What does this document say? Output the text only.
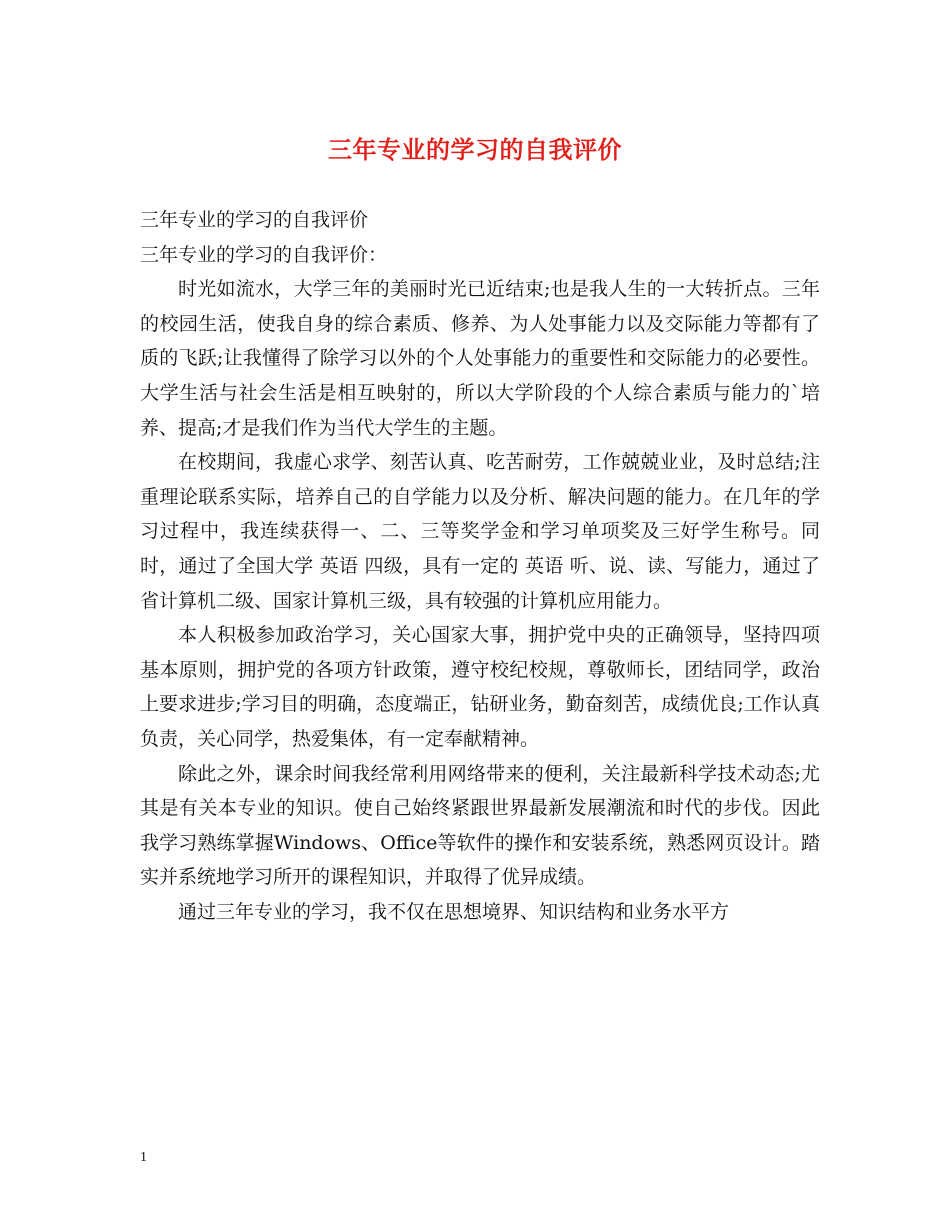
三年专业的学习的自我评价

三年专业的学习的自我评价

三年专业的学习的自我评价：

时光如流水，大学三年的美丽时光已近结束;也是我人生的一大转折点。三年的校园生活，使我自身的综合素质、修养、为人处事能力以及交际能力等都有了质的飞跃;让我懂得了除学习以外的个人处事能力的重要性和交际能力的必要性。大学生活与社会生活是相互映射的，所以大学阶段的个人综合素质与能力的`培养、提高;才是我们作为当代大学生的主题。

在校期间，我虚心求学、刻苦认真、吃苦耐劳，工作兢兢业业，及时总结;注重理论联系实际，培养自己的自学能力以及分析、解决问题的能力。在几年的学习过程中，我连续获得一、二、三等奖学金和学习单项奖及三好学生称号。同时，通过了全国大学 英语 四级，具有一定的 英语 听、说、读、写能力，通过了省计算机二级、国家计算机三级，具有较强的计算机应用能力。

本人积极参加政治学习，关心国家大事，拥护党中央的正确领导，坚持四项基本原则，拥护党的各项方针政策，遵守校纪校规，尊敬师长，团结同学，政治上要求进步;学习目的明确，态度端正，钻研业务，勤奋刻苦，成绩优良;工作认真负责，关心同学，热爱集体，有一定奉献精神。

除此之外，课余时间我经常利用网络带来的便利，关注最新科学技术动态;尤其是有关本专业的知识。使自己始终紧跟世界最新发展潮流和时代的步伐。因此我学习熟练掌握Windows、Office等软件的操作和安装系统，熟悉网页设计。踏实并系统地学习所开的课程知识，并取得了优异成绩。

通过三年专业的学习，我不仅在思想境界、知识结构和业务水平方

1
